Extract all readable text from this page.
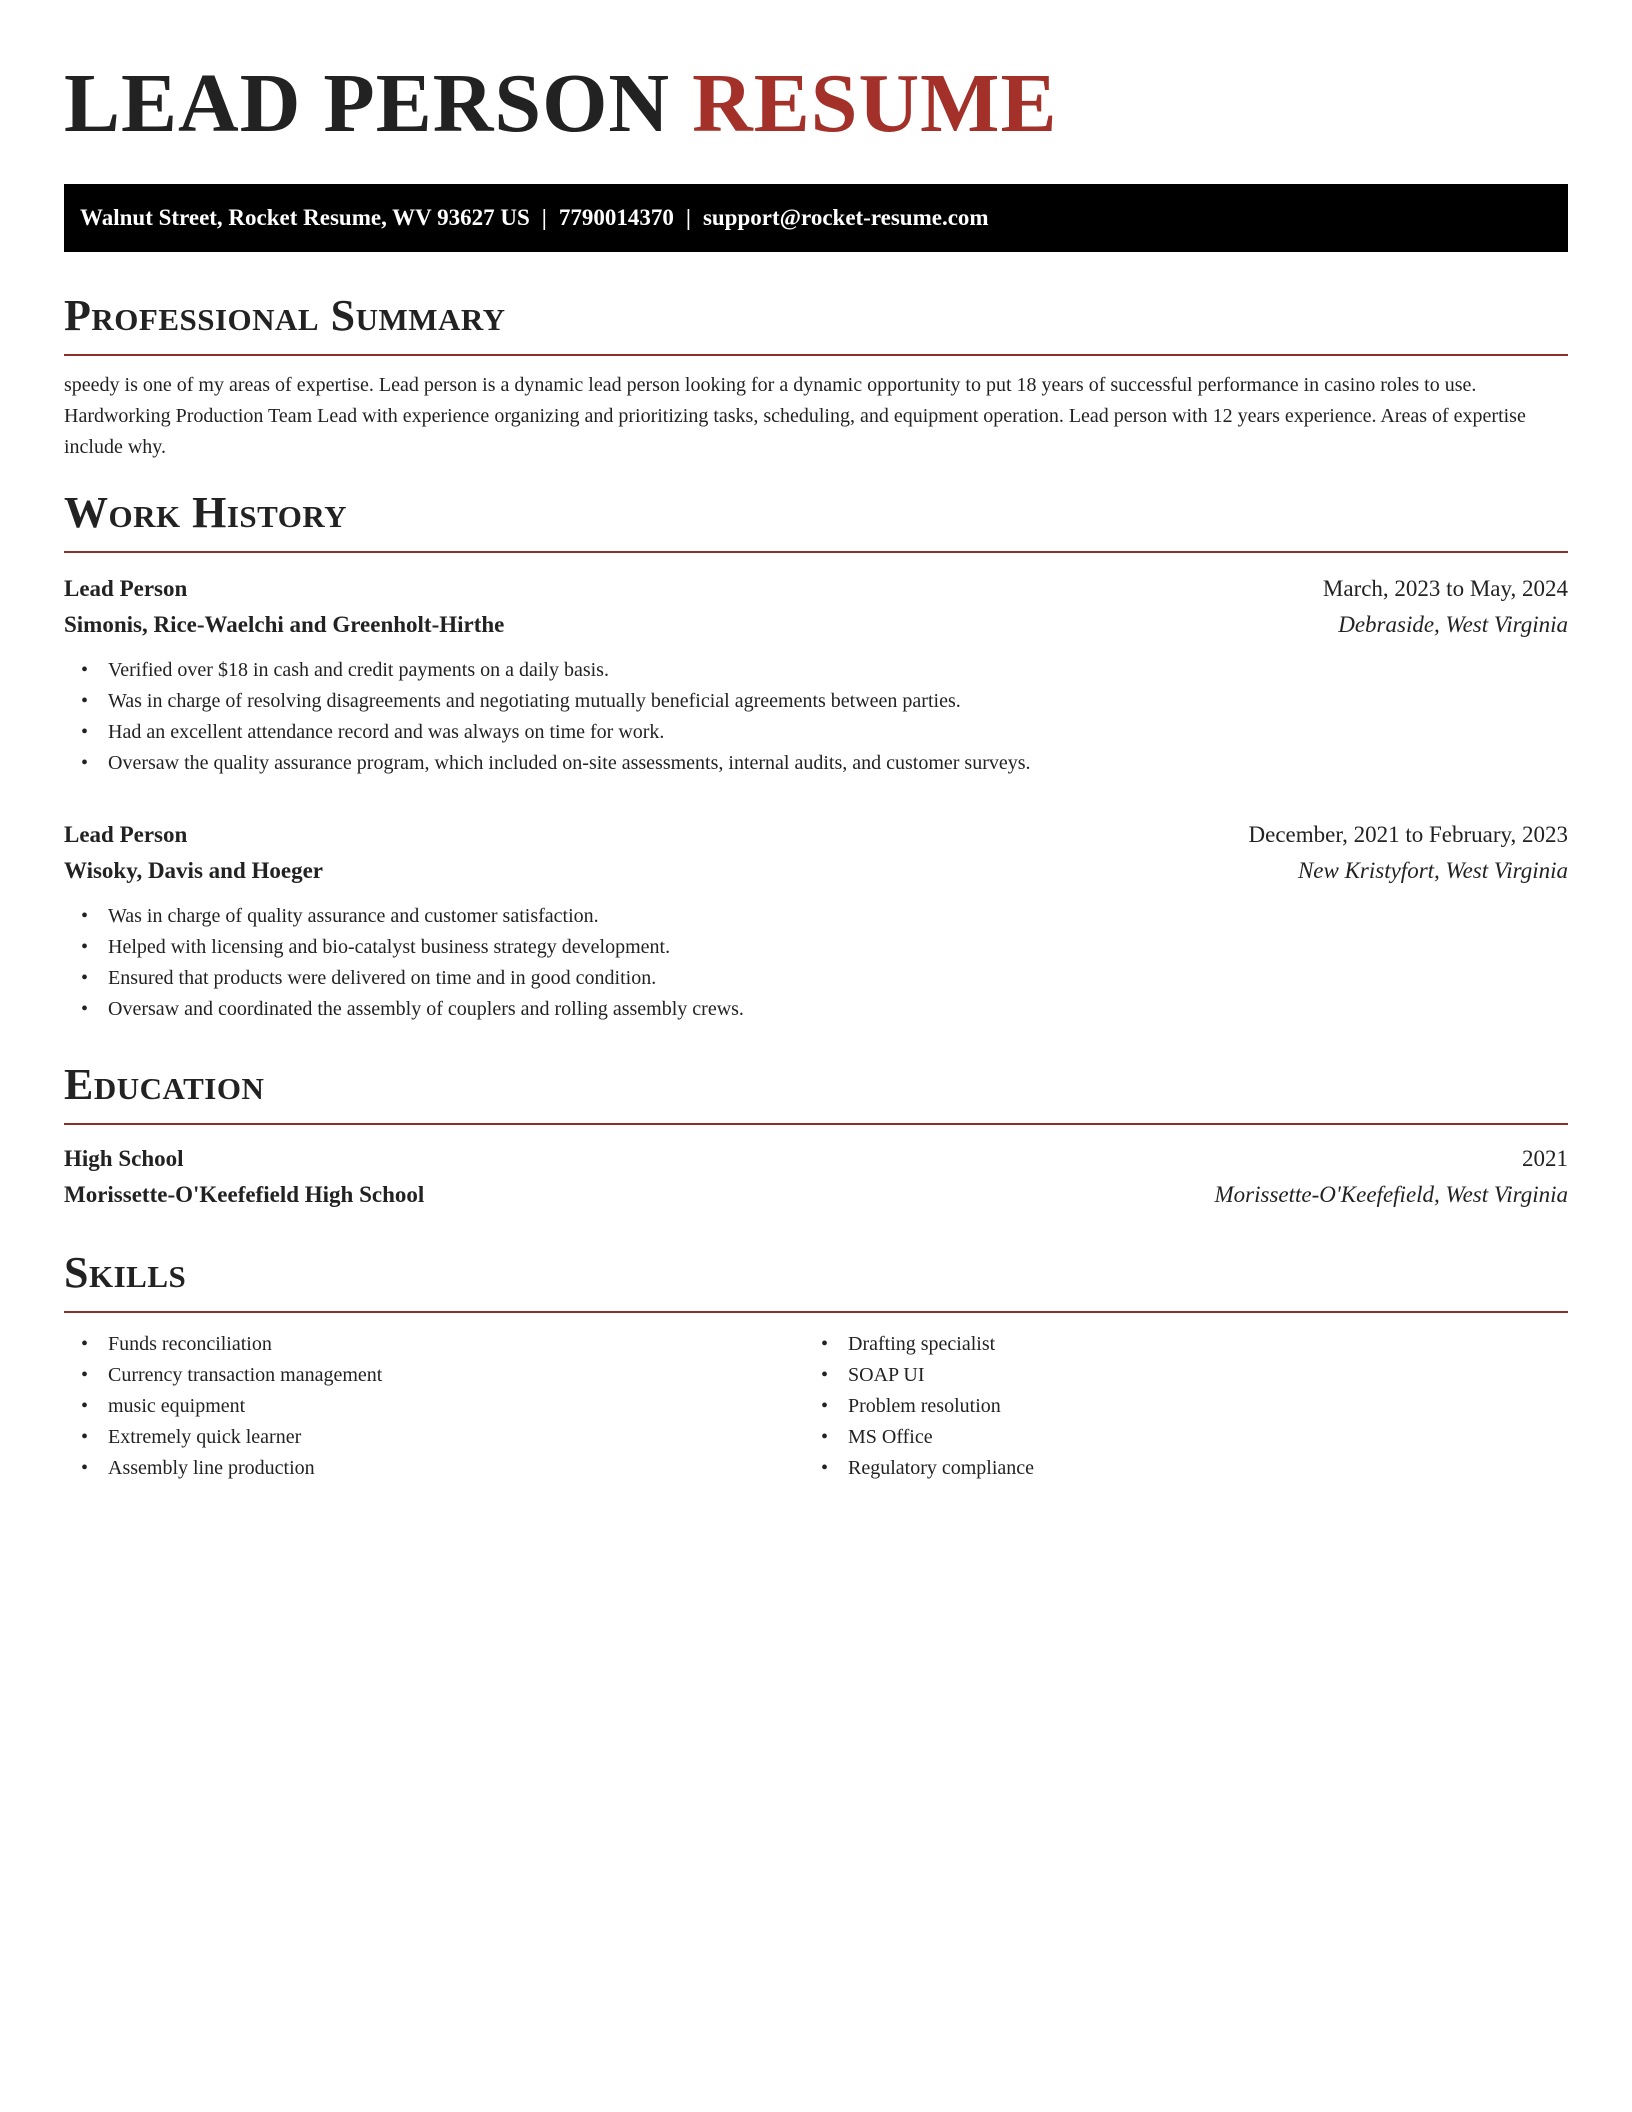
LEAD PERSON RESUME
Walnut Street, Rocket Resume, WV 93627 US | 7790014370 | support@rocket-resume.com
Professional Summary

speedy is one of my areas of expertise. Lead person is a dynamic lead person looking for a dynamic opportunity to put 18 years of successful performance in casino roles to use. Hardworking Production Team Lead with experience organizing and prioritizing tasks, scheduling, and equipment operation. Lead person with 12 years experience. Areas of expertise include why.

Work History
Lead Person	March, 2023 to May, 2024
Simonis, Rice-Waelchi and Greenholt-Hirthe	Debraside, West Virginia
• Verified over $18 in cash and credit payments on a daily basis.
• Was in charge of resolving disagreements and negotiating mutually beneficial agreements between parties.
• Had an excellent attendance record and was always on time for work.
• Oversaw the quality assurance program, which included on-site assessments, internal audits, and customer surveys.
Lead Person	December, 2021 to February, 2023
Wisoky, Davis and Hoeger	New Kristyfort, West Virginia
• Was in charge of quality assurance and customer satisfaction.
• Helped with licensing and bio-catalyst business strategy development.
• Ensured that products were delivered on time and in good condition.
• Oversaw and coordinated the assembly of couplers and rolling assembly crews.
Education
High School	2021
Morissette-O'Keefefield High School	Morissette-O'Keefefield, West Virginia
Skills
• Funds reconciliation
• Currency transaction management
• music equipment
• Extremely quick learner
• Assembly line production
• Drafting specialist
• SOAP UI
• Problem resolution
• MS Office
• Regulatory compliance
